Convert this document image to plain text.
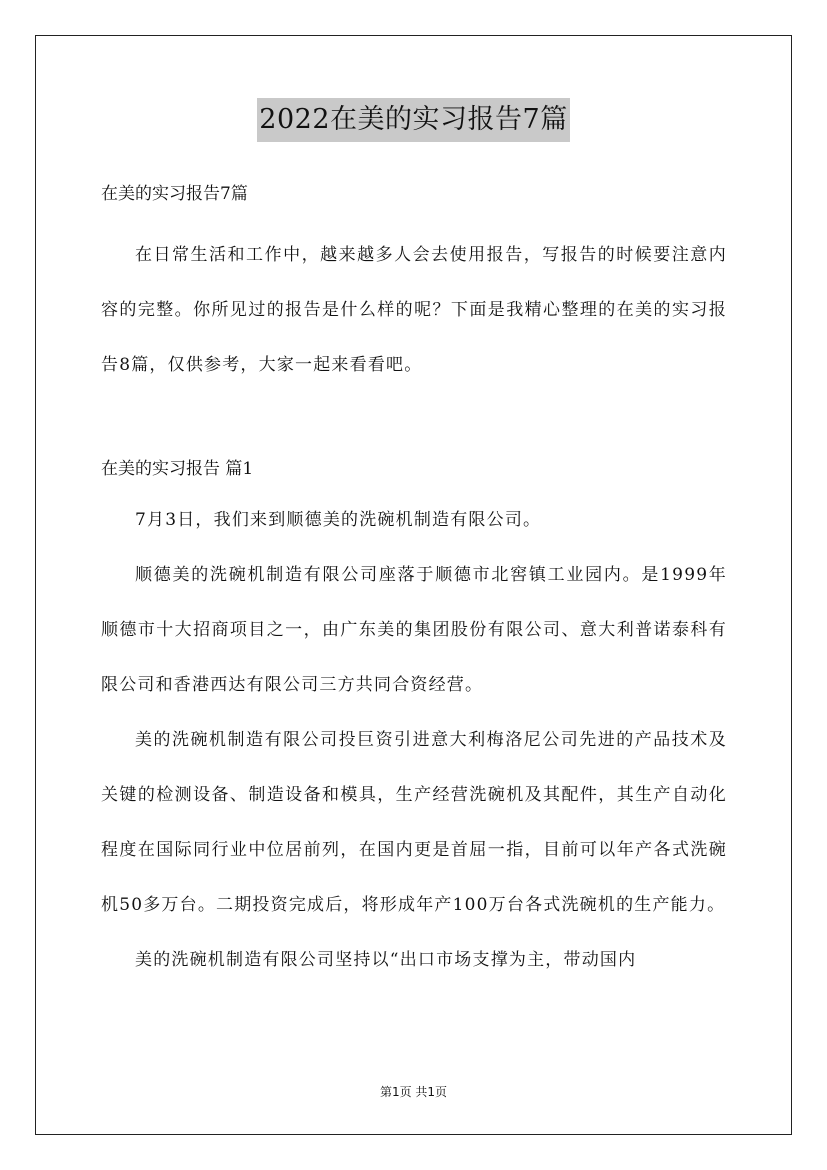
2022在美的实习报告7篇

在美的实习报告7篇

在日常生活和工作中，越来越多人会去使用报告，写报告的时候要注意内容的完整。你所见过的报告是什么样的呢？下面是我精心整理的在美的实习报告8篇，仅供参考，大家一起来看看吧。

在美的实习报告 篇1

7月3日，我们来到顺德美的洗碗机制造有限公司。

顺德美的洗碗机制造有限公司座落于顺德市北窖镇工业园内。是1999年顺德市十大招商项目之一，由广东美的集团股份有限公司、意大利普诺泰科有限公司和香港西达有限公司三方共同合资经营。

美的洗碗机制造有限公司投巨资引进意大利梅洛尼公司先进的产品技术及关键的检测设备、制造设备和模具，生产经营洗碗机及其配件，其生产自动化程度在国际同行业中位居前列，在国内更是首屈一指，目前可以年产各式洗碗机50多万台。二期投资完成后，将形成年产100万台各式洗碗机的生产能力。

美的洗碗机制造有限公司坚持以“出口市场支撑为主，带动国内

第1页 共1页
